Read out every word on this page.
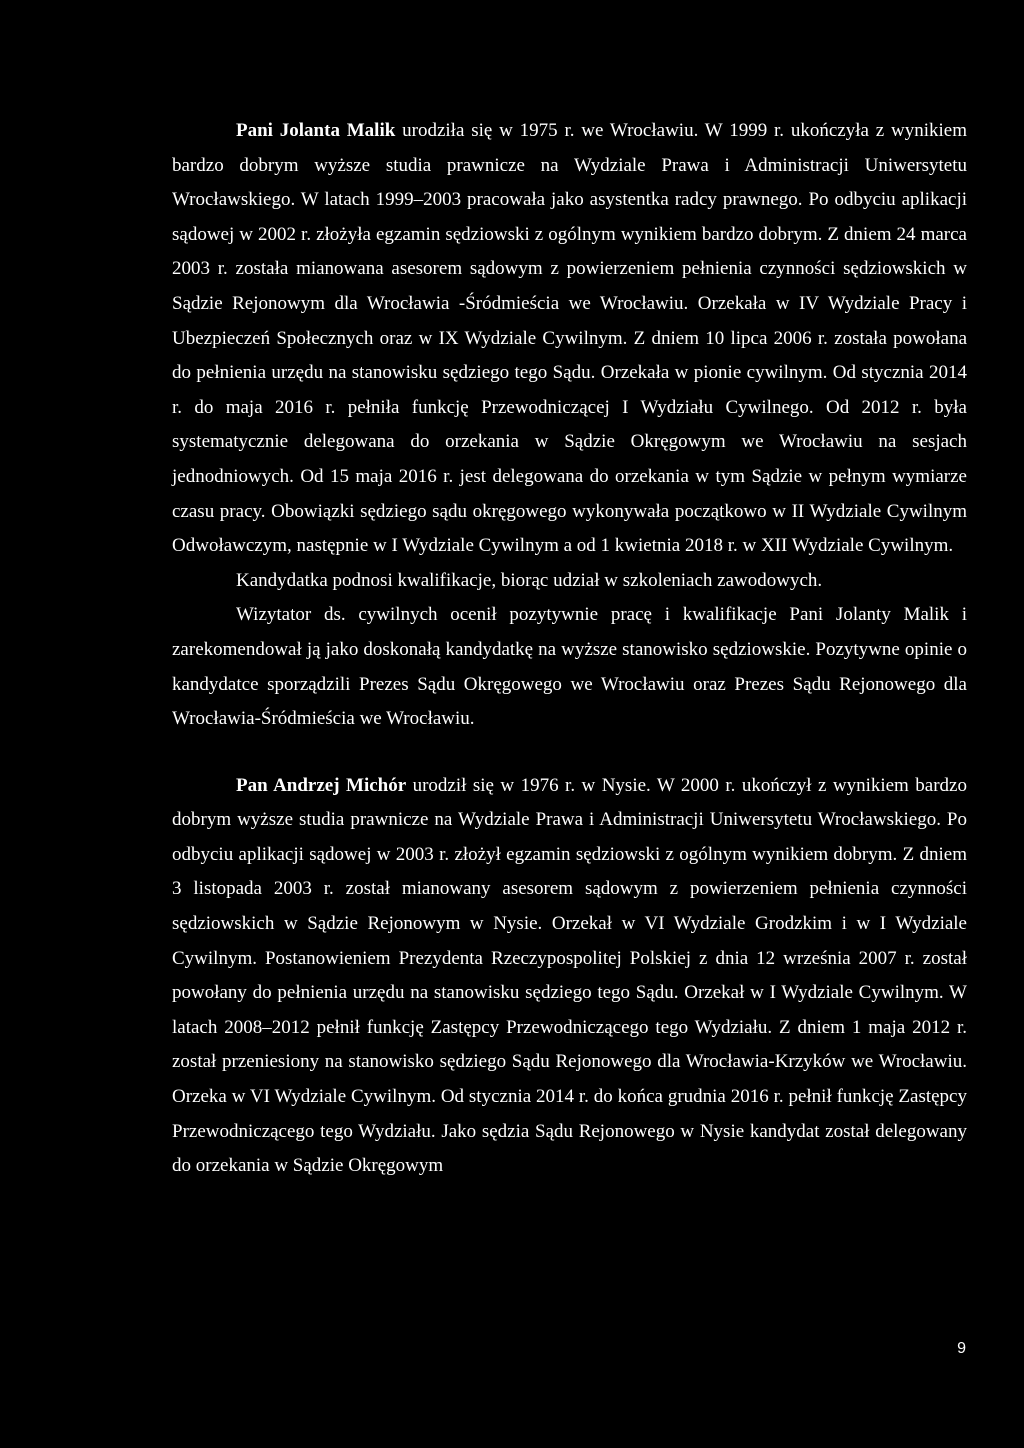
Pani Jolanta Malik urodziła się w 1975 r. we Wrocławiu. W 1999 r. ukończyła z wynikiem bardzo dobrym wyższe studia prawnicze na Wydziale Prawa i Administracji Uniwersytetu Wrocławskiego. W latach 1999–2003 pracowała jako asystentka radcy prawnego. Po odbyciu aplikacji sądowej w 2002 r. złożyła egzamin sędziowski z ogólnym wynikiem bardzo dobrym. Z dniem 24 marca 2003 r. została mianowana asesorem sądowym z powierzeniem pełnienia czynności sędziowskich w Sądzie Rejonowym dla Wrocławia -Śródmieścia we Wrocławiu. Orzekała w IV Wydziale Pracy i Ubezpieczeń Społecznych oraz w IX Wydziale Cywilnym. Z dniem 10 lipca 2006 r. została powołana do pełnienia urzędu na stanowisku sędziego tego Sądu. Orzekała w pionie cywilnym. Od stycznia 2014 r. do maja 2016 r. pełniła funkcję Przewodniczącej I Wydziału Cywilnego. Od 2012 r. była systematycznie delegowana do orzekania w Sądzie Okręgowym we Wrocławiu na sesjach jednodniowych. Od 15 maja 2016 r. jest delegowana do orzekania w tym Sądzie w pełnym wymiarze czasu pracy. Obowiązki sędziego sądu okręgowego wykonywała początkowo w II Wydziale Cywilnym Odwoławczym, następnie w I Wydziale Cywilnym a od 1 kwietnia 2018 r. w XII Wydziale Cywilnym.

Kandydatka podnosi kwalifikacje, biorąc udział w szkoleniach zawodowych.

Wizytator ds. cywilnych ocenił pozytywnie pracę i kwalifikacje Pani Jolanty Malik i zarekomendował ją jako doskonałą kandydatkę na wyższe stanowisko sędziowskie. Pozytywne opinie o kandydatce sporządzili Prezes Sądu Okręgowego we Wrocławiu oraz Prezes Sądu Rejonowego dla Wrocławia-Śródmieścia we Wrocławiu.

Pan Andrzej Michór urodził się w 1976 r. w Nysie. W 2000 r. ukończył z wynikiem bardzo dobrym wyższe studia prawnicze na Wydziale Prawa i Administracji Uniwersytetu Wrocławskiego. Po odbyciu aplikacji sądowej w 2003 r. złożył egzamin sędziowski z ogólnym wynikiem dobrym. Z dniem 3 listopada 2003 r. został mianowany asesorem sądowym z powierzeniem pełnienia czynności sędziowskich w Sądzie Rejonowym w Nysie. Orzekał w VI Wydziale Grodzkim i w I Wydziale Cywilnym. Postanowieniem Prezydenta Rzeczypospolitej Polskiej z dnia 12 września 2007 r. został powołany do pełnienia urzędu na stanowisku sędziego tego Sądu. Orzekał w I Wydziale Cywilnym. W latach 2008–2012 pełnił funkcję Zastępcy Przewodniczącego tego Wydziału. Z dniem 1 maja 2012 r. został przeniesiony na stanowisko sędziego Sądu Rejonowego dla Wrocławia-Krzyków we Wrocławiu. Orzeka w VI Wydziale Cywilnym. Od stycznia 2014 r. do końca grudnia 2016 r. pełnił funkcję Zastępcy Przewodniczącego tego Wydziału. Jako sędzia Sądu Rejonowego w Nysie kandydat został delegowany do orzekania w Sądzie Okręgowym

9
